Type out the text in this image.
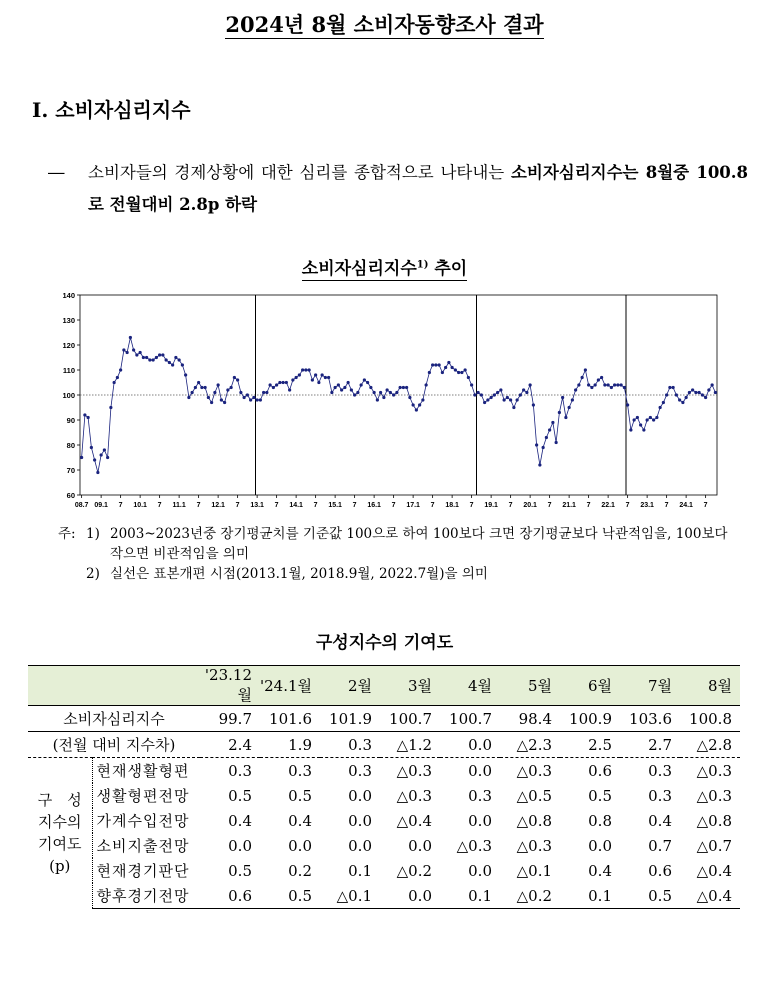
2024년 8월 소비자동향조사 결과
Ⅰ. 소비자심리지수
― 소비자들의 경제상황에 대한 심리를 종합적으로 나타내는 소비자심리지수는 8월중 100.8로 전월대비 2.8p 하락
소비자심리지수$^{1)}$ 추이
60
70
80
90
100
110
120
130
140
08.7 09.1 7 10.1 7 11.1 7 12.1 7 13.1 7 14.1 7 15.1 7 16.1 7 17.1 7 18.1 7 19.1 7 20.1 7 21.1 7 22.1 7 23.1 7 24.1 7
주: 1) 2003~2023년중 장기평균치를 기준값 100으로 하여 100보다 크면 장기평균보다 낙관적임을, 100보다 작으면 비관적임을 의미
2) 실선은 표본개편 시점(2013.1월, 2018.9월, 2022.7월)을 의미
구성지수의 기여도
		'23.12월	'24.1월	2월	3월	4월	5월	6월	7월	8월
소비자심리지수		99.7	101.6	101.9	100.7	100.7	98.4	100.9	103.6	100.8
(전월 대비 지수차)		2.4	1.9	0.3	△1.2	0.0	△2.3	2.5	2.7	△2.8

구　성
지수의
기여도
(p)	현재생활형편	0.3	0.3	0.3	△0.3	0.0	△0.3	0.6	0.3	△0.3
	생활형편전망	0.5	0.5	0.0	△0.3	0.3	△0.5	0.5	0.3	△0.3
	가계수입전망	0.4	0.4	0.0	△0.4	0.0	△0.8	0.8	0.4	△0.8
	소비지출전망	0.0	0.0	0.0	0.0	△0.3	△0.3	0.0	0.7	△0.7
	현재경기판단	0.5	0.2	0.1	△0.2	0.0	△0.1	0.4	0.6	△0.4
	향후경기전망	0.6	0.5	△0.1	0.0	0.1	△0.2	0.1	0.5	△0.4
